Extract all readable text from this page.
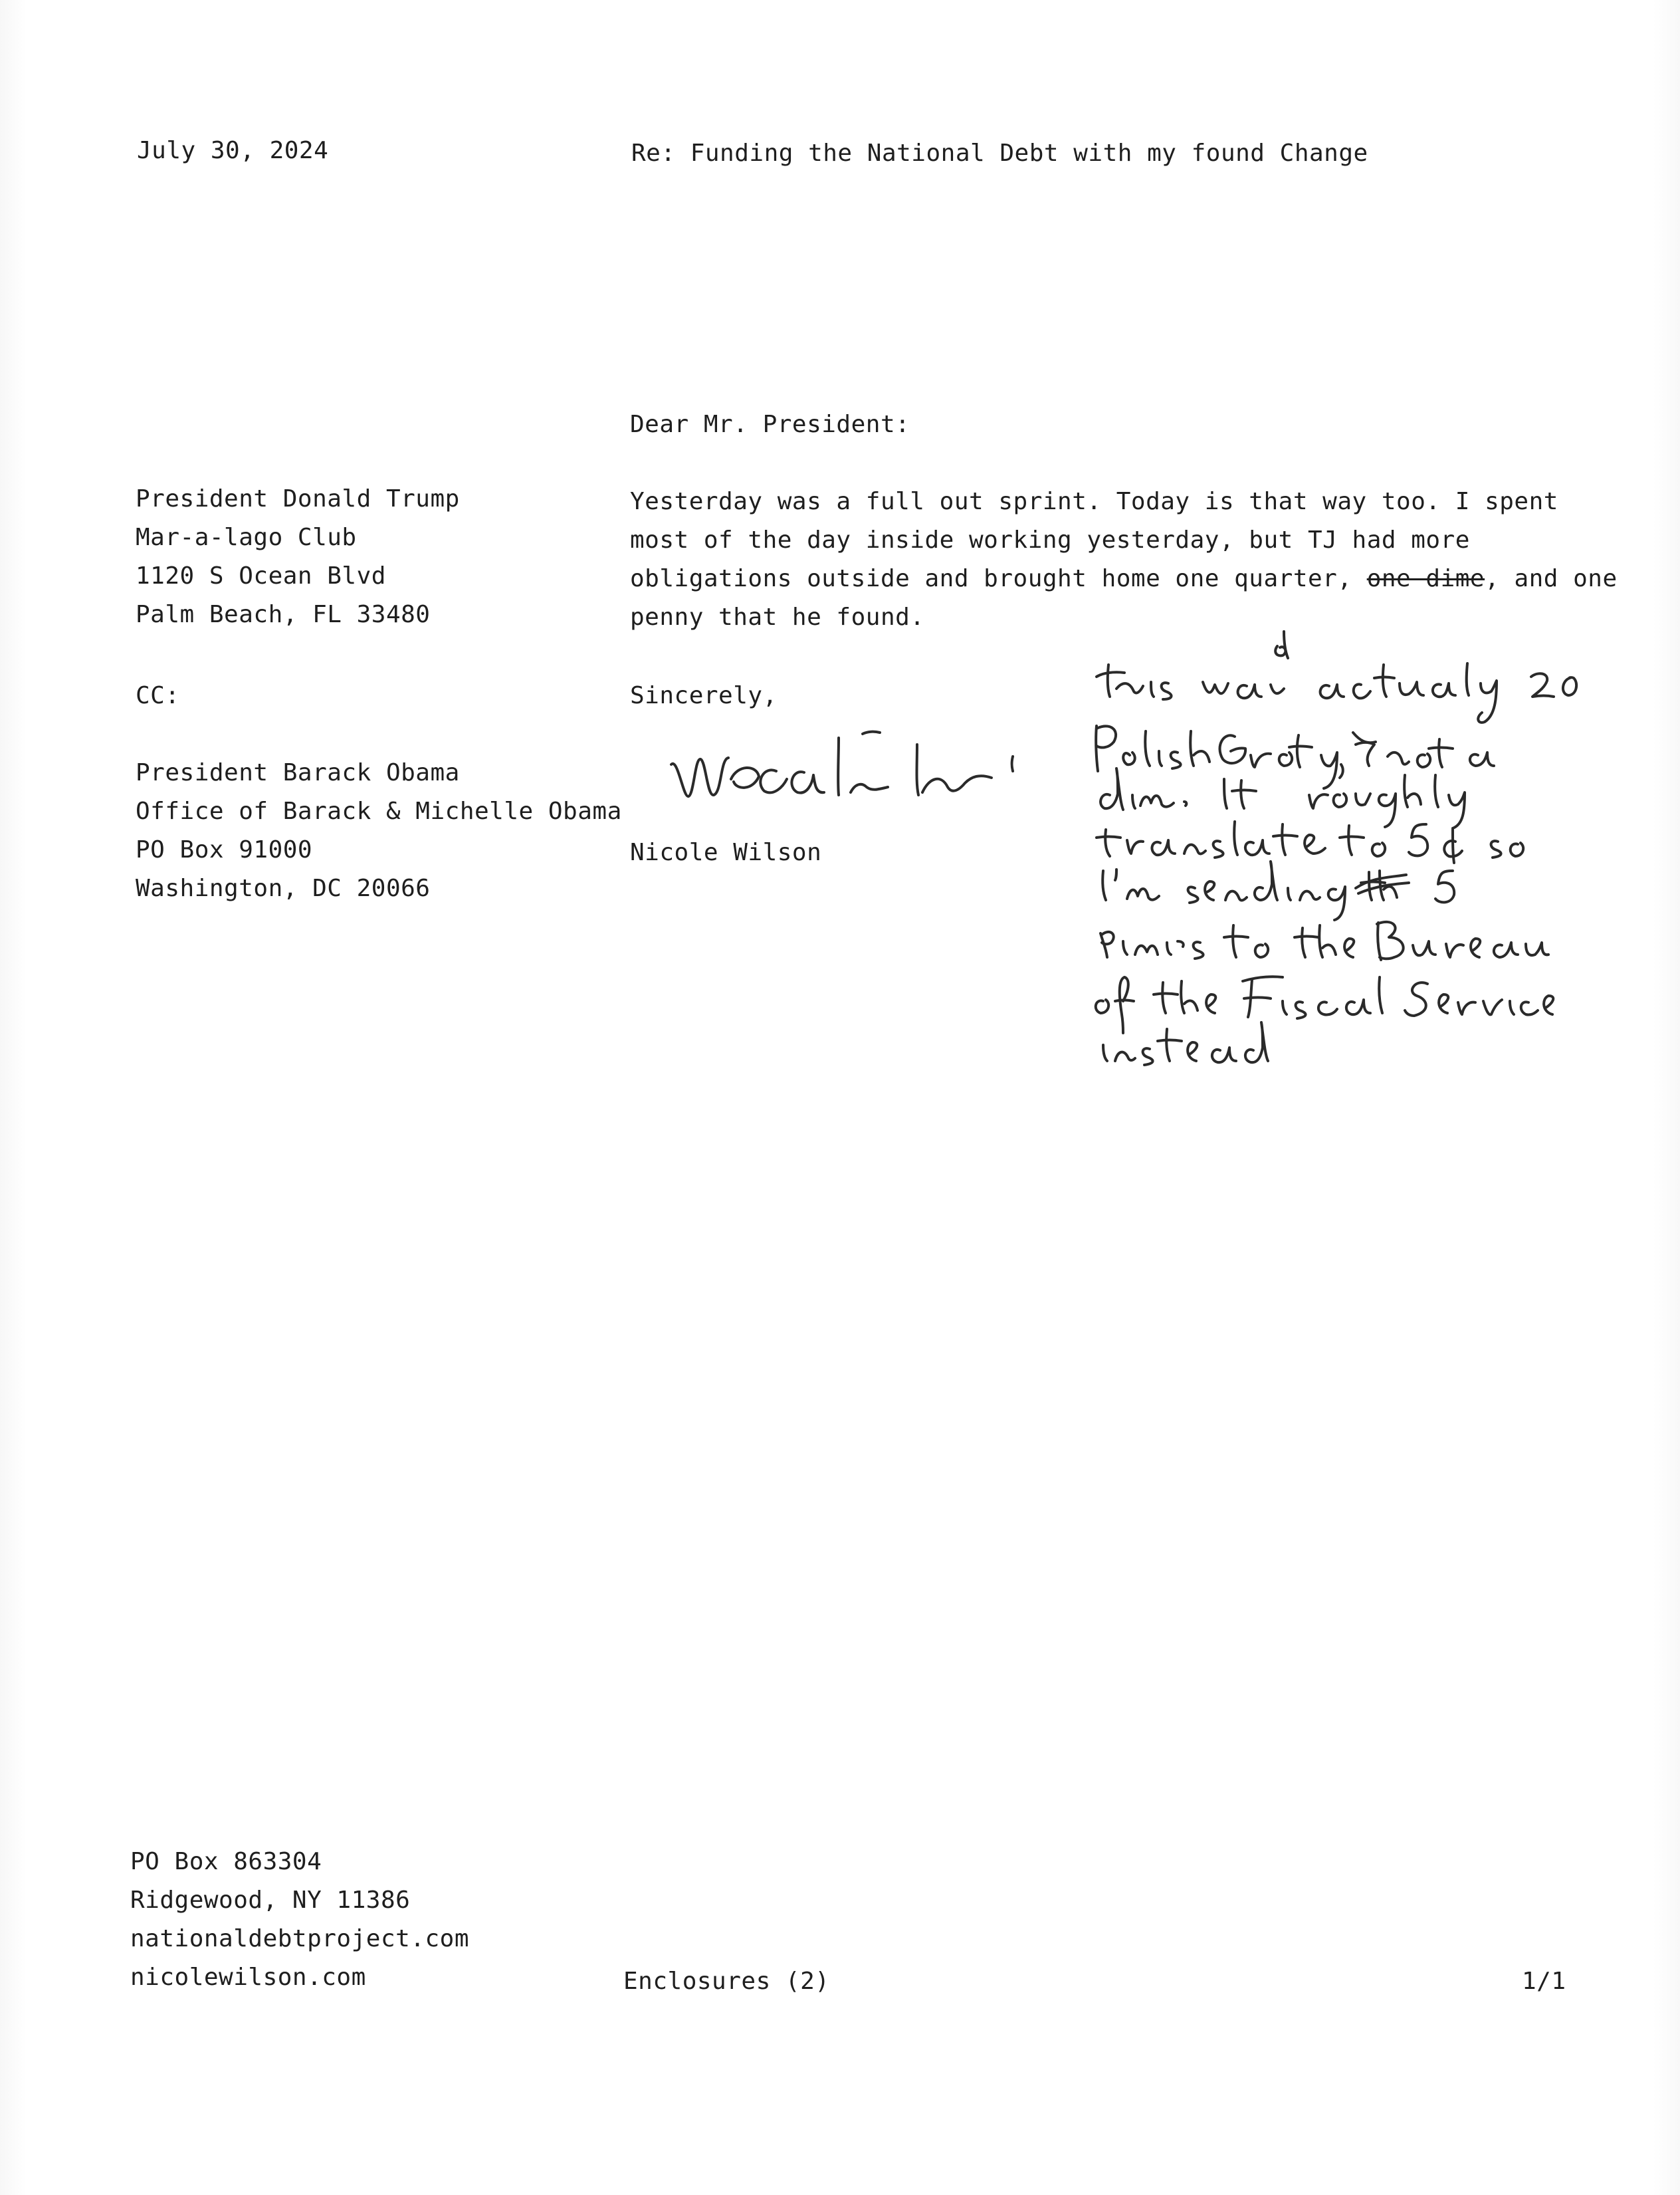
July 30, 2024	Re: Funding the National Debt with my found Change
Dear Mr. President:
President Donald Trump
Mar-a-lago Club
1120 S Ocean Blvd
Palm Beach, FL 33480
CC:
President Barack Obama
Office of Barack & Michelle Obama
PO Box 91000
Washington, DC 20066
Yesterday was a full out sprint. Today is that way too. I spent
most of the day inside working yesterday, but TJ had more
obligations outside and brought home one quarter, one dime, and one
penny that he found.
Sincerely,
Nicole Wilson
PO Box 863304
Ridgewood, NY 11386
nationaldebtproject.com
nicolewilson.com	Enclosures (2)	1/1
